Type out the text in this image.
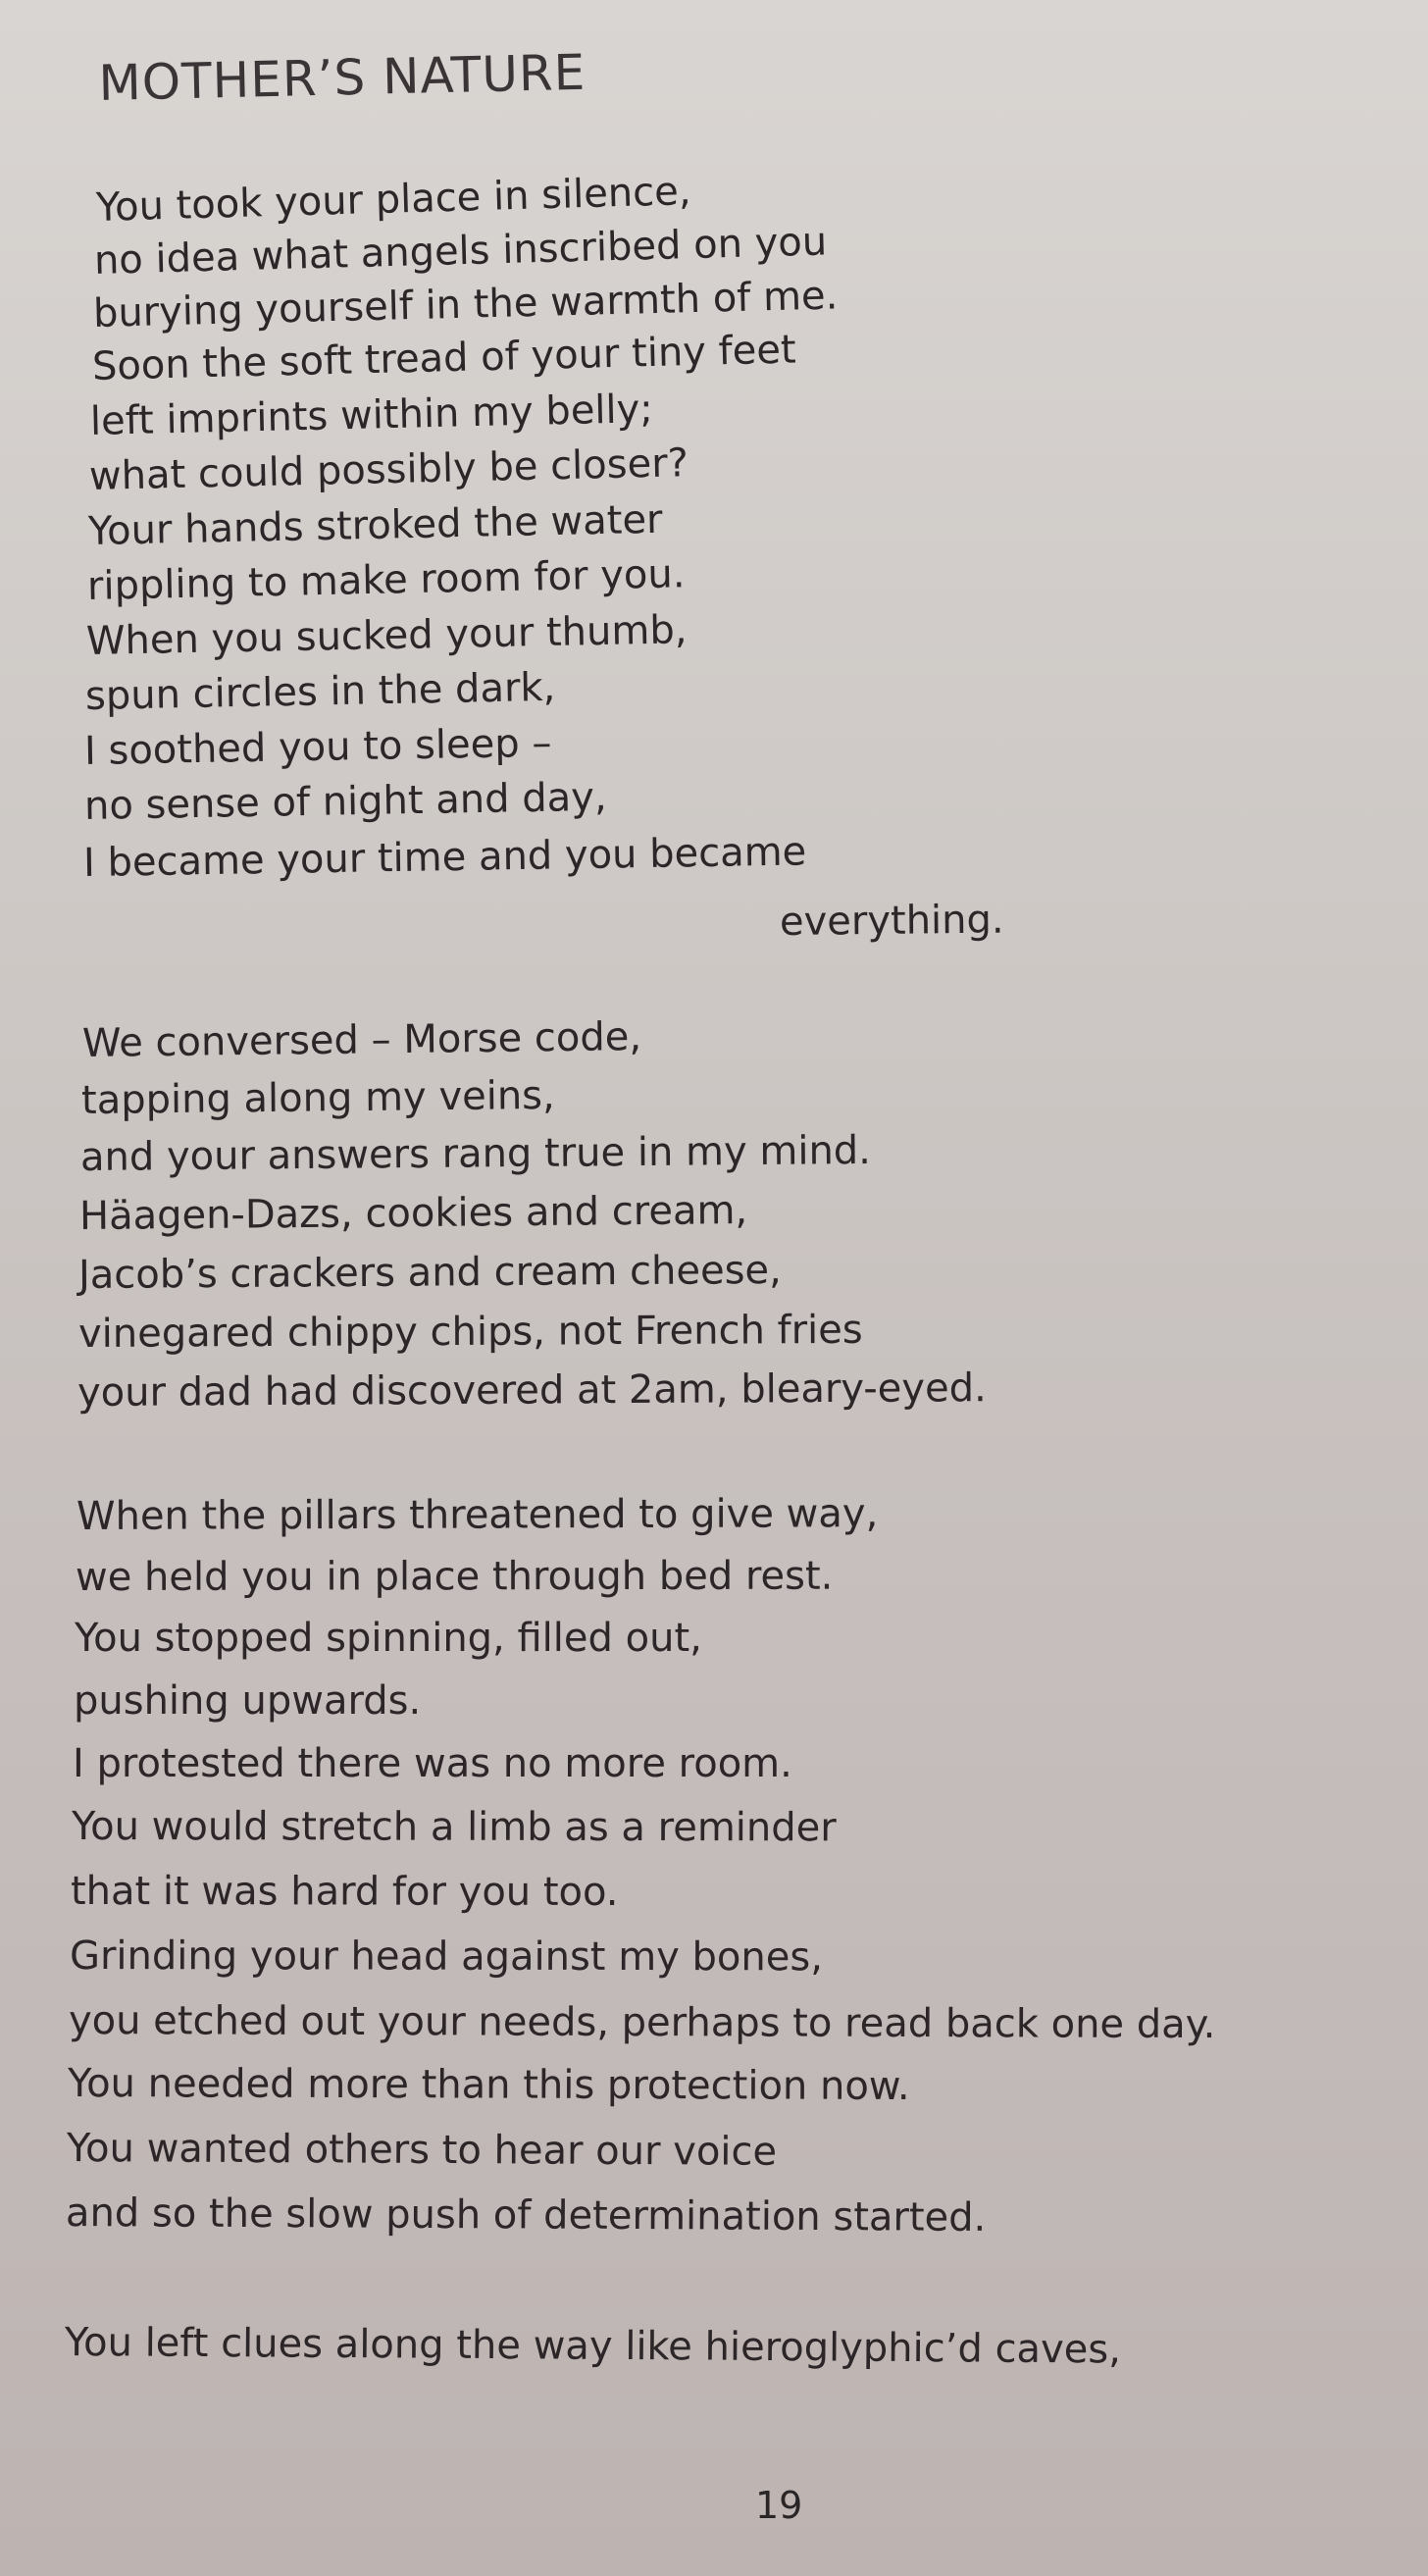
MOTHER’S NATURE
You took your place in silence,
no idea what angels inscribed on you
burying yourself in the warmth of me.
Soon the soft tread of your tiny feet
left imprints within my belly;
what could possibly be closer?
Your hands stroked the water
rippling to make room for you.
When you sucked your thumb,
spun circles in the dark,
I soothed you to sleep –
no sense of night and day,
I became your time and you became
everything.
We conversed – Morse code,
tapping along my veins,
and your answers rang true in my mind.
Häagen-Dazs, cookies and cream,
Jacob’s crackers and cream cheese,
vinegared chippy chips, not French fries
your dad had discovered at 2am, bleary-eyed.
When the pillars threatened to give way,
we held you in place through bed rest.
You stopped spinning, filled out,
pushing upwards.
I protested there was no more room.
You would stretch a limb as a reminder
that it was hard for you too.
Grinding your head against my bones,
you etched out your needs, perhaps to read back one day.
You needed more than this protection now.
You wanted others to hear our voice
and so the slow push of determination started.
You left clues along the way like hieroglyphic’d caves,
19
